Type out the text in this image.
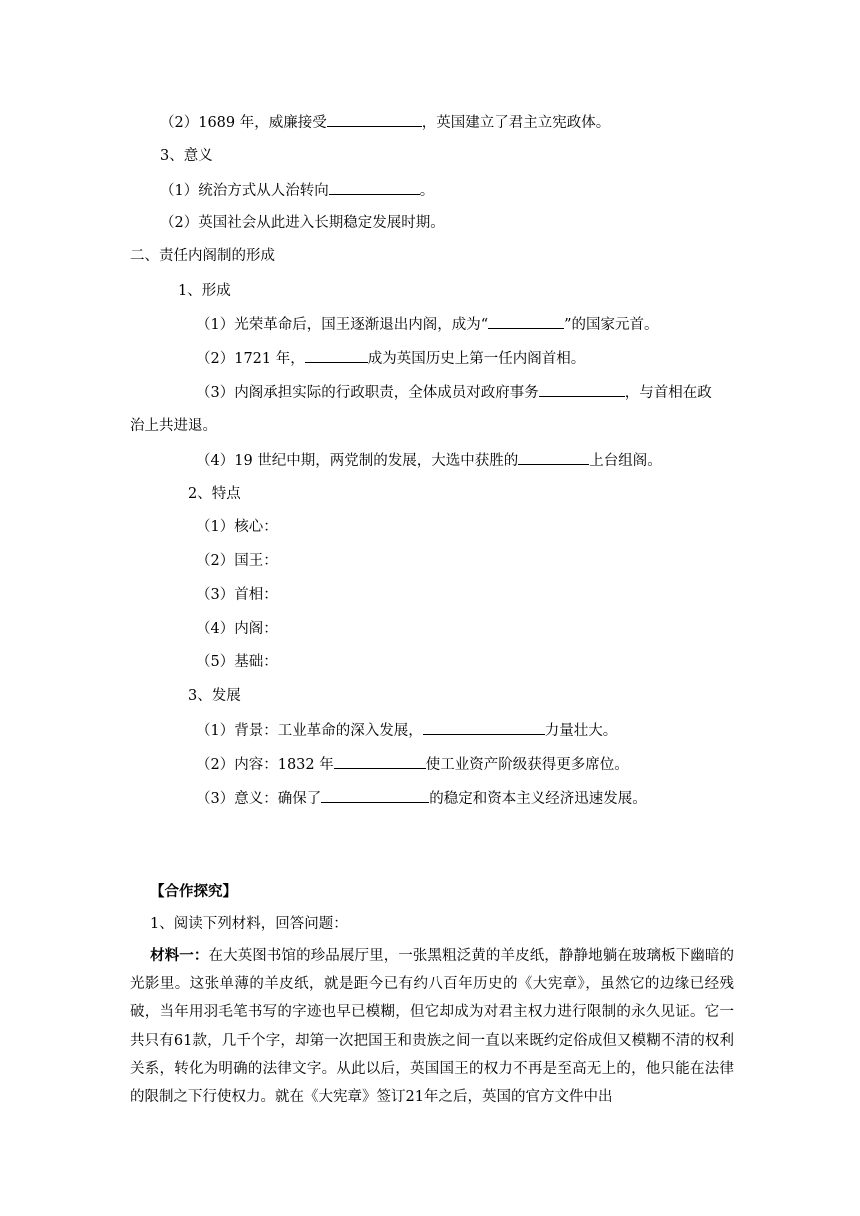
（2）1689 年，威廉接受	，英国建立了君主立宪政体。
3、意义
（1）统治方式从人治转向	。
（2）英国社会从此进入长期稳定发展时期。
二、责任内阁制的形成
1、形成
（1）光荣革命后，国王逐渐退出内阁，成为“	”的国家元首。
（2）1721 年，	成为英国历史上第一任内阁首相。
（3）内阁承担实际的行政职责，全体成员对政府事务	，与首相在政
治上共进退。
（4）19 世纪中期，两党制的发展，大选中获胜的	上台组阁。
2、特点
（1）核心：
（2）国王：
（3）首相：
（4）内阁：
（5）基础：
3、发展
（1）背景：工业革命的深入发展，	力量壮大。
（2）内容：1832 年	使工业资产阶级获得更多席位。
（3）意义：确保了	的稳定和资本主义经济迅速发展。
【合作探究】
1、阅读下列材料，回答问题：
材料一：在大英图书馆的珍品展厅里，一张黑粗泛黄的羊皮纸，静静地躺在玻璃板下幽暗的光影里。这张单薄的羊皮纸，就是距今已有约八百年历史的《大宪章》，虽然它的边缘已经残破，当年用羽毛笔书写的字迹也早已模糊，但它却成为对君主权力进行限制的永久见证。它一共只有61款，几千个字，却第一次把国王和贵族之间一直以来既约定俗成但又模糊不清的权利关系，转化为明确的法律文字。从此以后，英国国王的权力不再是至高无上的，他只能在法律的限制之下行使权力。就在《大宪章》签订21年之后，英国的官方文件中出
